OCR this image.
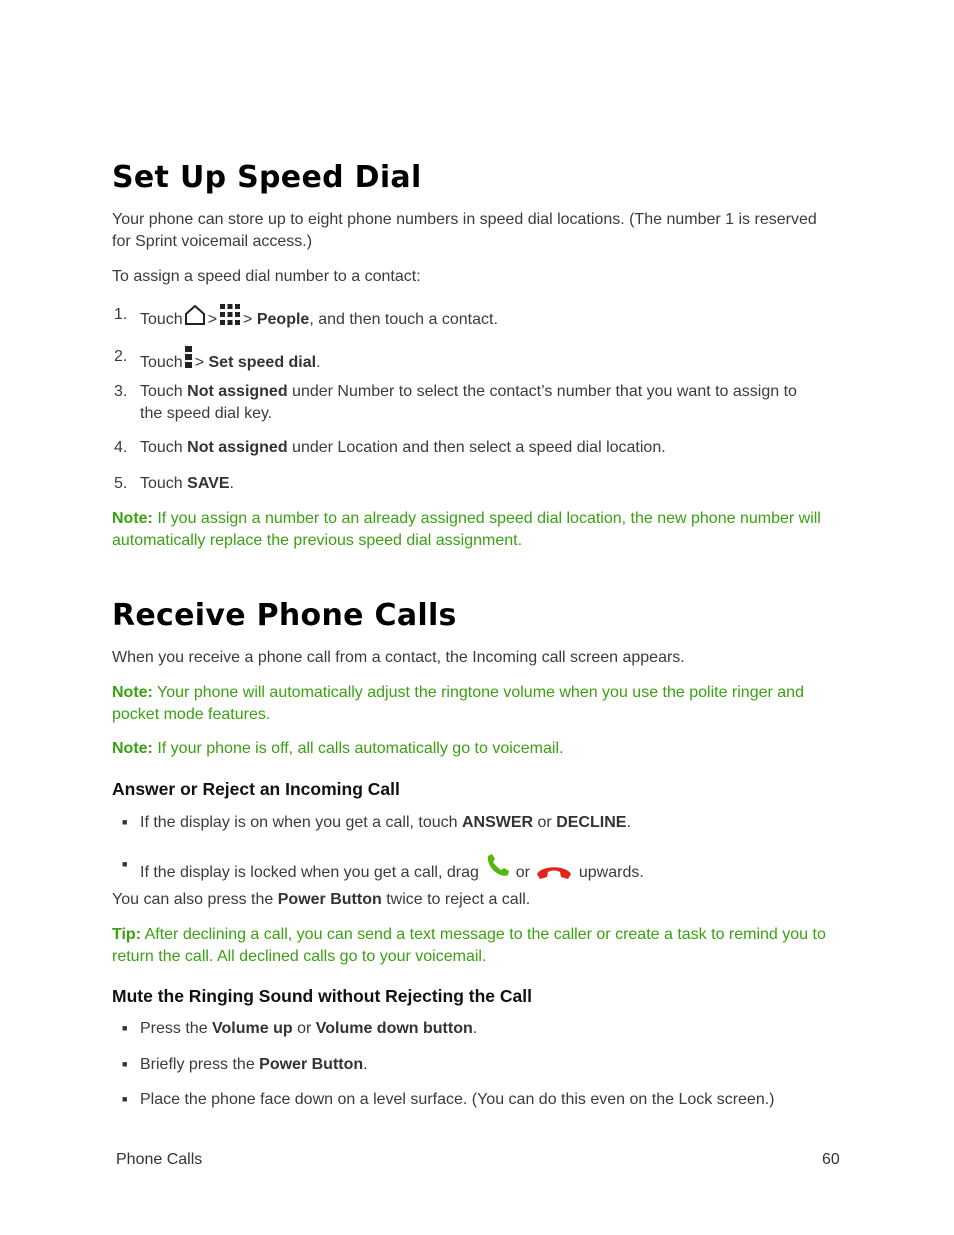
Set Up Speed Dial

Your phone can store up to eight phone numbers in speed dial locations. (The number 1 is reserved
for Sprint voicemail access.)

To assign a speed dial number to a contact:

1. Touch > > People, and then touch a contact.
2. Touch > Set speed dial.
3. Touch Not assigned under Number to select the contact’s number that you want to assign to
the speed dial key.
4. Touch Not assigned under Location and then select a speed dial location.
5. Touch SAVE.

Note: If you assign a number to an already assigned speed dial location, the new phone number will
automatically replace the previous speed dial assignment.

Receive Phone Calls

When you receive a phone call from a contact, the Incoming call screen appears.

Note: Your phone will automatically adjust the ringtone volume when you use the polite ringer and
pocket mode features.

Note: If your phone is off, all calls automatically go to voicemail.

Answer or Reject an Incoming Call
■ If the display is on when you get a call, touch ANSWER or DECLINE.
■ If the display is locked when you get a call, drag  or	upwards.

You can also press the Power Button twice to reject a call.

Tip: After declining a call, you can send a text message to the caller or create a task to remind you to
return the call. All declined calls go to your voicemail.

Mute the Ringing Sound without Rejecting the Call
■ Press the Volume up or Volume down button.
■ Briefly press the Power Button.
■ Place the phone face down on a level surface. (You can do this even on the Lock screen.)
Phone Calls	60
